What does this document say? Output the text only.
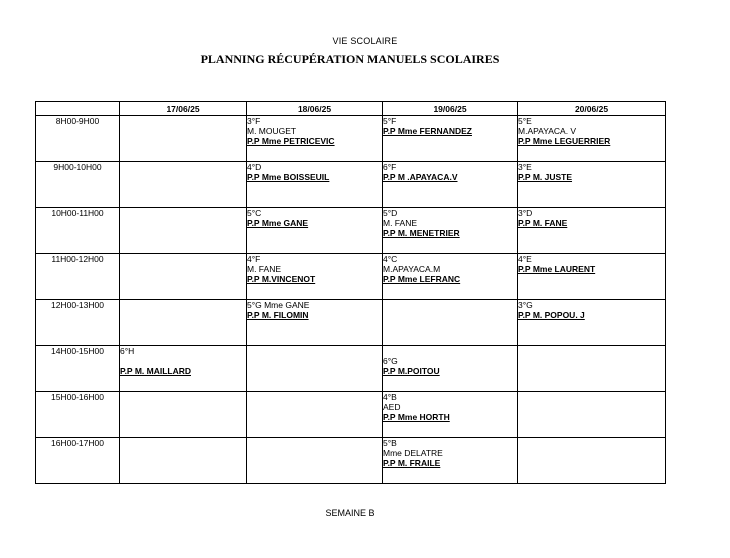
VIE SCOLAIRE
PLANNING RÉCUPÉRATION MANUELS SCOLAIRES
	17/06/25	18/06/25	19/06/25	20/06/25
8H00-9H00		3°F
M. MOUGET
P.P Mme PETRICEVIC	5°F
P.P Mme FERNANDEZ	5°E
M.APAYACA. V
P.P Mme LEGUERRIER

9H00-10H00		4°D
P.P Mme BOISSEUIL	6°F
P.P M .APAYACA.V	3°E
P.P M. JUSTE

10H00-11H00		5°C
P.P Mme GANE	5°D
M. FANE
P.P M. MENETRIER	3°D
P.P M. FANE

11H00-12H00		4°F
M. FANE
P.P M.VINCENOT	4°C
M.APAYACA.M
P.P Mme LEFRANC	4°E
P.P Mme LAURENT

12H00-13H00		5°G Mme GANE
P.P M. FILOMIN		3°G
P.P M. POPOU. J

14H00-15H00	6°H

P.P M. MAILLARD		6°G
P.P M.POITOU	

15H00-16H00			4°B
AED
P.P Mme HORTH	

16H00-17H00			5°B
Mme DELATRE
P.P M. FRAILE	

SEMAINE B
